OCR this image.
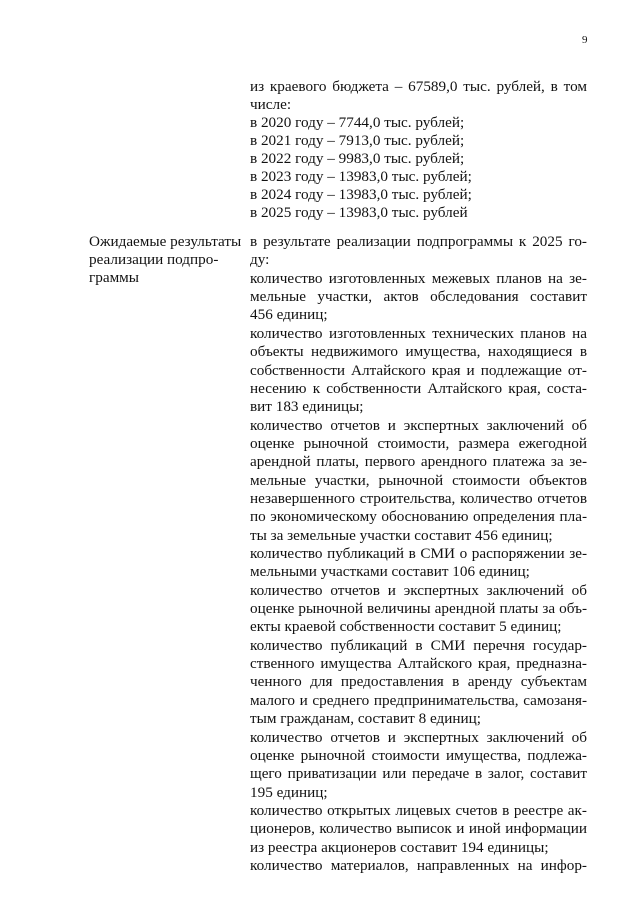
9
из краевого бюджета – 67589,0 тыс. рублей, в том
числе:
в 2020 году – 7744,0 тыс. рублей;
в 2021 году – 7913,0 тыс. рублей;
в 2022 году – 9983,0 тыс. рублей;
в 2023 году – 13983,0 тыс. рублей;
в 2024 году – 13983,0 тыс. рублей;
в 2025 году – 13983,0 тыс. рублей
Ожидаемые результаты
реализации подпро-
граммы
в результате реализации подпрограммы к 2025 го-
ду:
количество изготовленных межевых планов на зе-
мельные участки, актов обследования составит
456 единиц;
количество изготовленных технических планов на
объекты недвижимого имущества, находящиеся в
собственности Алтайского края и подлежащие от-
несению к собственности Алтайского края, соста-
вит 183 единицы;
количество отчетов и экспертных заключений об
оценке рыночной стоимости, размера ежегодной
арендной платы, первого арендного платежа за зе-
мельные участки, рыночной стоимости объектов
незавершенного строительства, количество отчетов
по экономическому обоснованию определения пла-
ты за земельные участки составит 456 единиц;
количество публикаций в СМИ о распоряжении зе-
мельными участками составит 106 единиц;
количество отчетов и экспертных заключений об
оценке рыночной величины арендной платы за объ-
екты краевой собственности составит 5 единиц;
количество публикаций в СМИ перечня государ-
ственного имущества Алтайского края, предназна-
ченного для предоставления в аренду субъектам
малого и среднего предпринимательства, самозаня-
тым гражданам, составит 8 единиц;
количество отчетов и экспертных заключений об
оценке рыночной стоимости имущества, подлежа-
щего приватизации или передаче в залог, составит
195 единиц;
количество открытых лицевых счетов в реестре ак-
ционеров, количество выписок и иной информации
из реестра акционеров составит 194 единицы;
количество материалов, направленных на инфор-
